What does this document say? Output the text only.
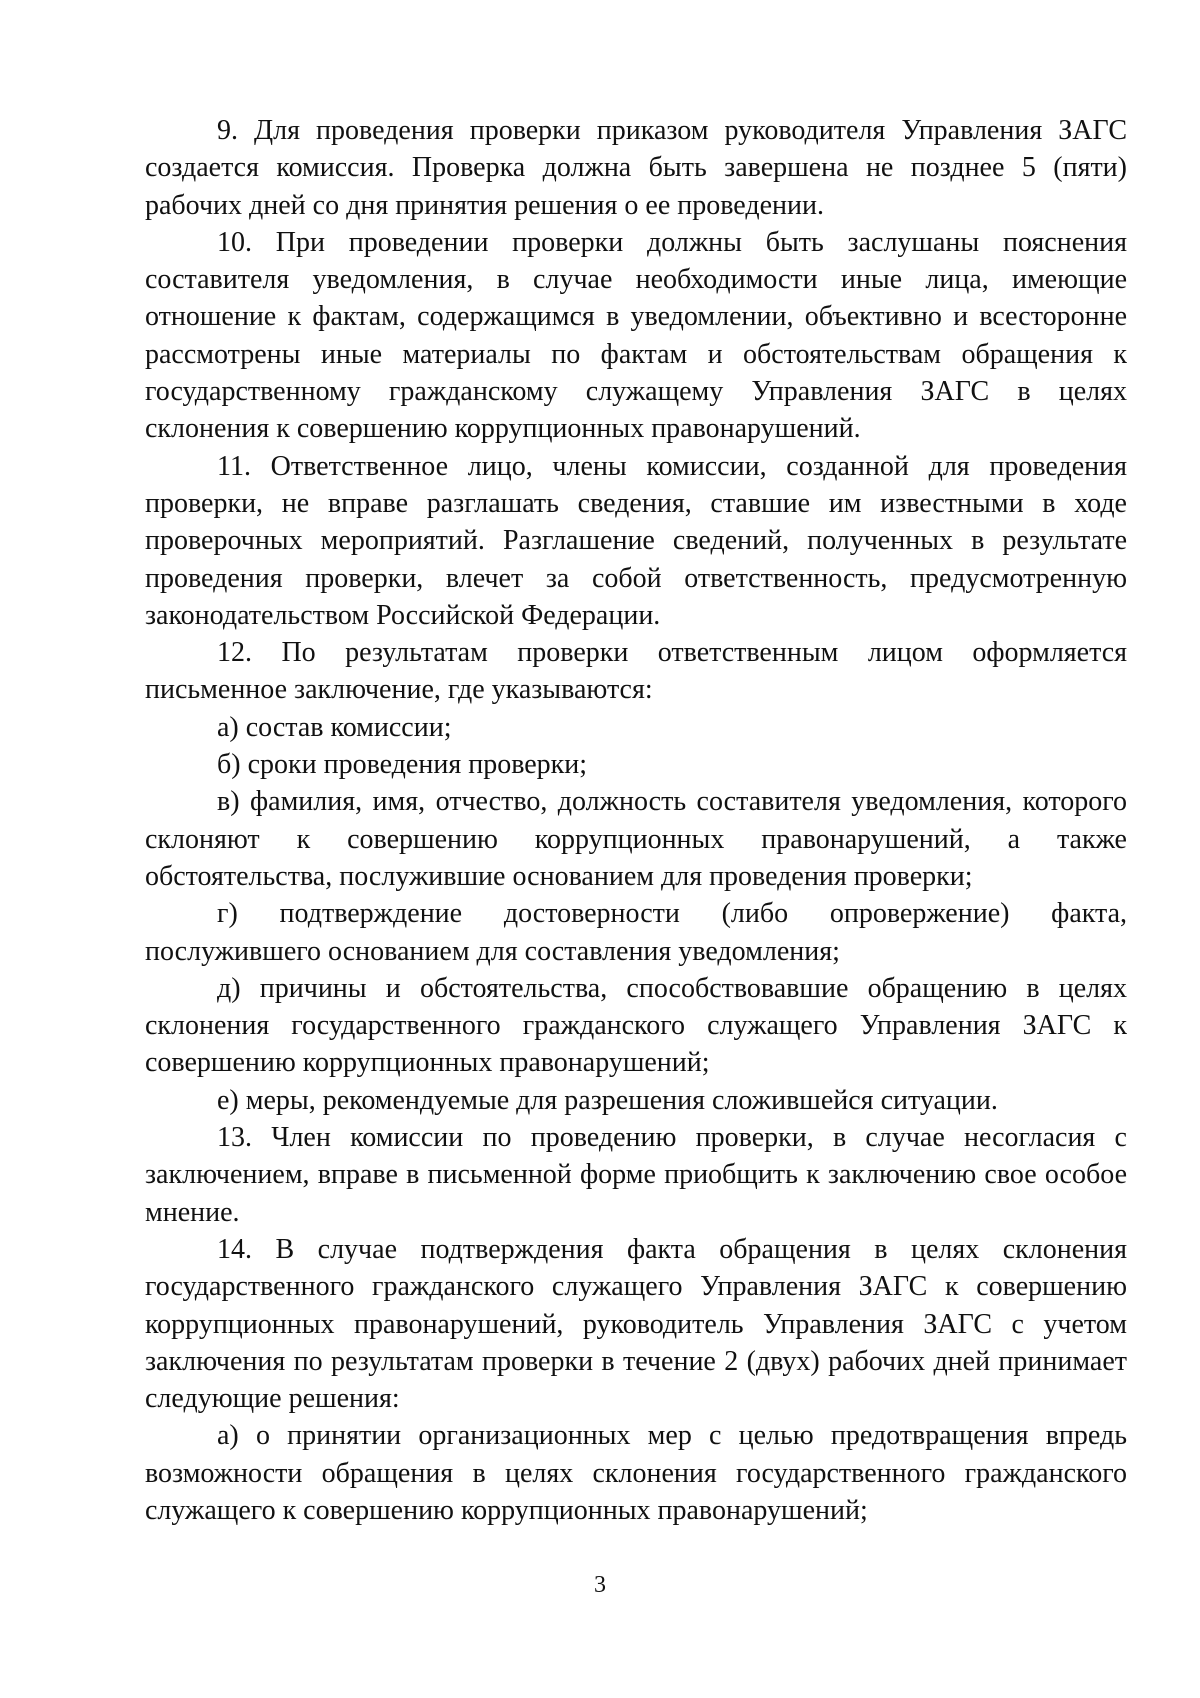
9. Для проведения проверки приказом руководителя Управления ЗАГС создается комиссия. Проверка должна быть завершена не позднее 5 (пяти) рабочих дней со дня принятия решения о ее проведении.

10. При проведении проверки должны быть заслушаны пояснения составителя уведомления, в случае необходимости иные лица, имеющие отношение к фактам, содержащимся в уведомлении, объективно и всесторонне рассмотрены иные материалы по фактам и обстоятельствам обращения к государственному гражданскому служащему Управления ЗАГС в целях склонения к совершению коррупционных правонарушений.

11. Ответственное лицо, члены комиссии, созданной для проведения проверки, не вправе разглашать сведения, ставшие им известными в ходе проверочных мероприятий. Разглашение сведений, полученных в результате проведения проверки, влечет за собой ответственность, предусмотренную законодательством Российской Федерации.

12. По результатам проверки ответственным лицом оформляется письменное заключение, где указываются:

а) состав комиссии;

б) сроки проведения проверки;

в) фамилия, имя, отчество, должность составителя уведомления, которого склоняют к совершению коррупционных правонарушений, а также обстоятельства, послужившие основанием для проведения проверки;

г) подтверждение достоверности (либо опровержение) факта, послужившего основанием для составления уведомления;

д) причины и обстоятельства, способствовавшие обращению в целях склонения государственного гражданского служащего Управления ЗАГС к совершению коррупционных правонарушений;

е) меры, рекомендуемые для разрешения сложившейся ситуации.

13. Член комиссии по проведению проверки, в случае несогласия с заключением, вправе в письменной форме приобщить к заключению свое особое мнение.

14. В случае подтверждения факта обращения в целях склонения государственного гражданского служащего Управления ЗАГС к совершению коррупционных правонарушений, руководитель Управления ЗАГС с учетом заключения по результатам проверки в течение 2 (двух) рабочих дней принимает следующие решения:

а) о принятии организационных мер с целью предотвращения впредь возможности обращения в целях склонения государственного гражданского служащего к совершению коррупционных правонарушений;

3
